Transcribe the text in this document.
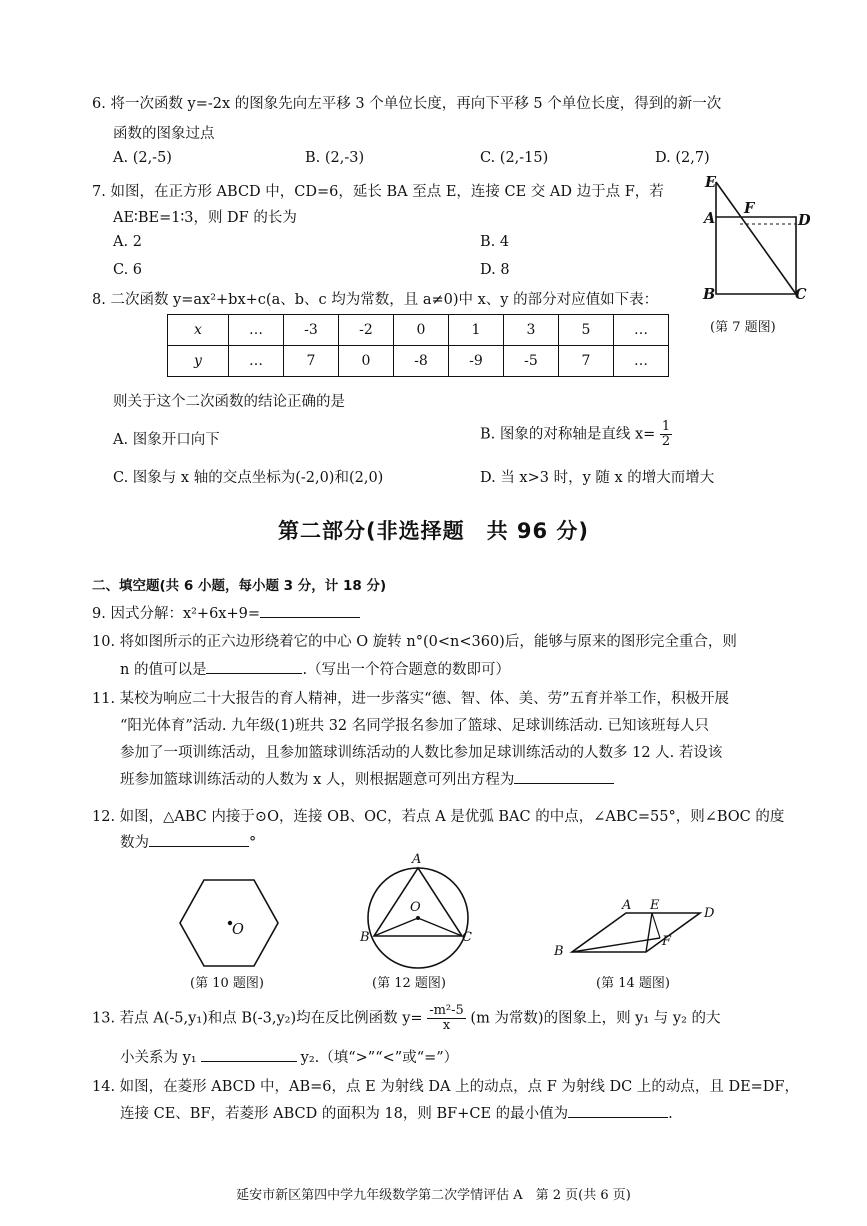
6. 将一次函数 y=-2x 的图象先向左平移 3 个单位长度，再向下平移 5 个单位长度，得到的新一次
函数的图象过点
A. (2,-5)	B. (2,-3)	C. (2,-15)	D. (2,7)
7. 如图，在正方形 ABCD 中，CD=6，延长 BA 至点 E，连接 CE 交 AD 边于点 F，若
AE∶BE=1∶3，则 DF 的长为
A. 2	B. 4
C. 6	D. 8
E
A
F
D
B	C
(第 7 题图)
8. 二次函数 y=ax²+bx+c(a、b、c 均为常数，且 a≠0)中 x、y 的部分对应值如下表：
x	…	-3	-2	0	1	3	5	…
y	…	7	0	-8	-9	-5	7	…
则关于这个二次函数的结论正确的是
A. 图象开口向下	B. 图象的对称轴是直线 $x= \frac{1}{2}$
C. 图象与 x 轴的交点坐标为(-2,0)和(2,0)	D. 当 x>3 时，y 随 x 的增大而增大
第二部分(非选择题　共 96 分)
二、填空题(共 6 小题，每小题 3 分，计 18 分)
9. 因式分解：x²+6x+9=
10. 将如图所示的正六边形绕着它的中心 O 旋转 n°(0<n<360)后，能够与原来的图形完全重合，则
n 的值可以是	.（写出一个符合题意的数即可）
11. 某校为响应二十大报告的育人精神，进一步落实“德、智、体、美、劳”五育并举工作，积极开展
“阳光体育”活动. 九年级(1)班共 32 名同学报名参加了篮球、足球训练活动. 已知该班每人只
参加了一项训练活动，且参加篮球训练活动的人数比参加足球训练活动的人数多 12 人. 若设该
班参加篮球训练活动的人数为 x 人，则根据题意可列出方程为
12. 如图，△ABC 内接于⊙O，连接 OB、OC，若点 A 是优弧 BAC 的中点，∠ABC=55°，则∠BOC 的度
数为	°
O
(第 10 题图)
A
O
B	C
(第 12 题图)
A E
D
B
F
(第 14 题图)
13. 若点 A(-5,y₁)和点 B(-3,y₂)均在反比例函数 $y= \frac{\text{-m²-5}}{x} (m$ 为常数)的图象上，则 y₁ 与 y₂ 的大
小关系为 y₁	y₂.（填“>”“<”或“=”）
14. 如图，在菱形 ABCD 中，AB=6，点 E 为射线 DA 上的动点，点 F 为射线 DC 上的动点，且 DE=DF，
连接 CE、BF，若菱形 ABCD 的面积为 18，则 BF+CE 的最小值为	.
延安市新区第四中学九年级数学第二次学情评估 A　第 2 页(共 6 页)
